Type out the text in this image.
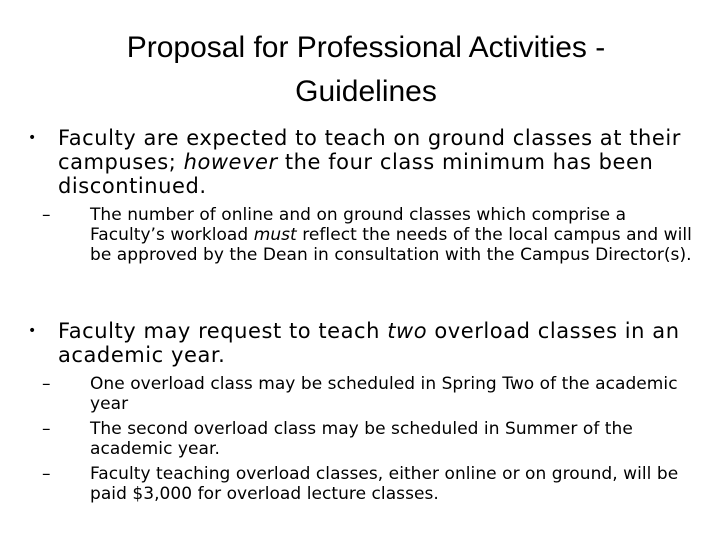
Proposal for Professional Activities -
Guidelines
•	Faculty are expected to teach on ground classes at their campuses; however the four class minimum has been discontinued.
–	The number of online and on ground classes which comprise a Faculty’s workload must reflect the needs of the local campus and will be approved by the Dean in consultation with the Campus Director(s).
•	Faculty may request to teach two overload classes in an academic year.
–	One overload class may be scheduled in Spring Two of the academic year
–	The second overload class may be scheduled in Summer of the academic year.
–	Faculty teaching overload classes, either online or on ground, will be paid $3,000 for overload lecture classes.
